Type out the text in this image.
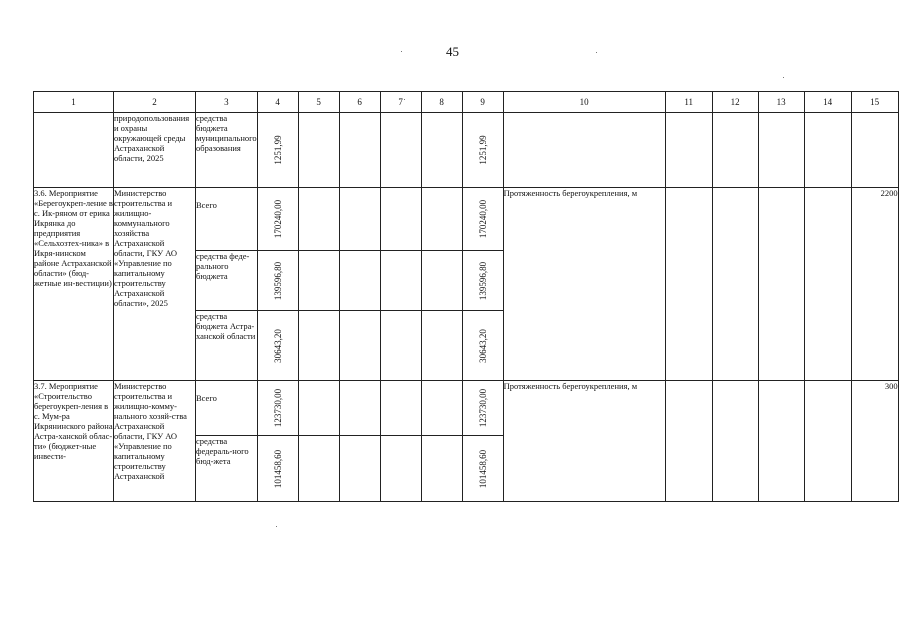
45
1	2	3	4	5	6	7	8	9	10	11	12	13	14	15
	природопользования и охраны окружающей среды Астраханской области, 2025	средства бюджета муниципального образования	1251,99					1251,99						

3.6. Мероприятие «Берегоукреп-ление в с. Ик-ряном от ерика Икрянка до предприятия «Сельхозтех-ника» в Икря-нинском районе Астраханской области» (бюд-жетные ин-вестиции)	Министерство строительства и жилищно-коммунального хозяйства Астраханской области, ГКУ АО «Управление по капитальному строительству Астраханской области», 2025	Всего	170240,00					170240,00	Протяженность берегоукрепления, м					2200
		средства феде-рального бюджета	139596,80					139596,80						

		средства бюджета Астра-ханской области	30643,20					30643,20						

3.7. Мероприятие «Строительство берегоукреп-ления в с. Мум-ра Икрянинского района Астра-ханской облас-ти» (бюджет-ные инвести-	Министерство строительства и жилищно-комму-нального хозяй-ства Астраханской области, ГКУ АО «Управление по капитальному строительству Астраханской	Всего	123730,00					123730,00	Протяженность берегоукрепления, м					300
		средства федераль-ного бюд-жета	101458,60					101458,60						
